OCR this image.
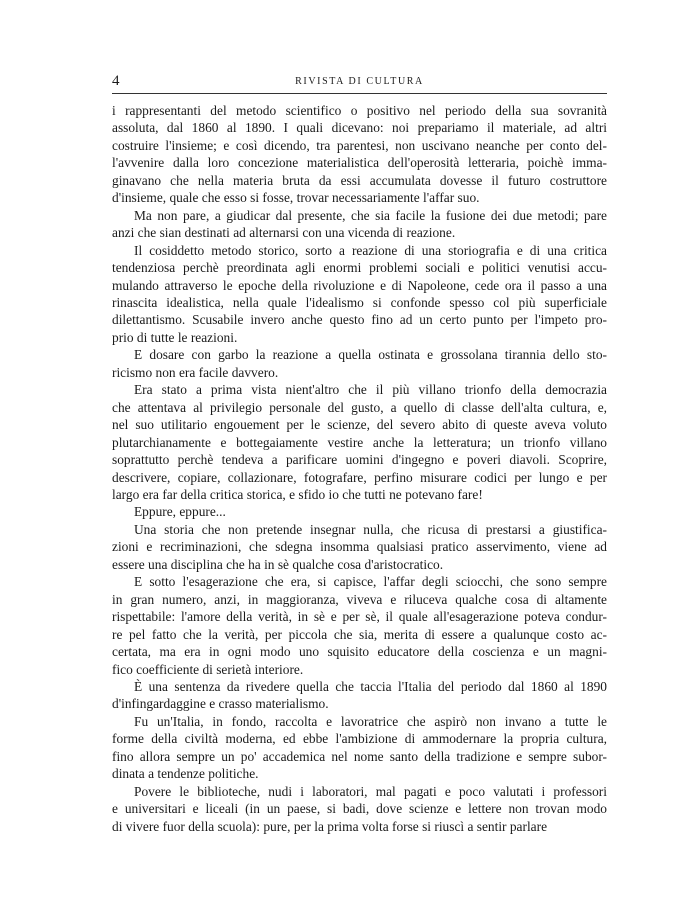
4	RIVISTA DI CULTURA
i rappresentanti del metodo scientifico o positivo nel periodo della sua sovranità
assoluta, dal 1860 al 1890. I quali dicevano: noi prepariamo il materiale, ad altri
costruire l'insieme; e così dicendo, tra parentesi, non uscivano neanche per conto del-
l'avvenire dalla loro concezione materialistica dell'operosità letteraria, poichè imma-
ginavano che nella materia bruta da essi accumulata dovesse il futuro costruttore
d'insieme, quale che esso si fosse, trovar necessariamente l'affar suo.
Ma non pare, a giudicar dal presente, che sia facile la fusione dei due metodi; pare
anzi che sian destinati ad alternarsi con una vicenda di reazione.
Il cosiddetto metodo storico, sorto a reazione di una storiografia e di una critica
tendenziosa perchè preordinata agli enormi problemi sociali e politici venutisi accu-
mulando attraverso le epoche della rivoluzione e di Napoleone, cede ora il passo a una
rinascita idealistica, nella quale l'idealismo si confonde spesso col più superficiale
dilettantismo. Scusabile invero anche questo fino ad un certo punto per l'impeto pro-
prio di tutte le reazioni.
E dosare con garbo la reazione a quella ostinata e grossolana tirannia dello sto-
ricismo non era facile davvero.
Era stato a prima vista nient'altro che il più villano trionfo della democrazia
che attentava al privilegio personale del gusto, a quello di classe dell'alta cultura, e,
nel suo utilitario engouement per le scienze, del severo abito di queste aveva voluto
plutarchianamente e bottegaiamente vestire anche la letteratura; un trionfo villano
soprattutto perchè tendeva a parificare uomini d'ingegno e poveri diavoli. Scoprire,
descrivere, copiare, collazionare, fotografare, perfino misurare codici per lungo e per
largo era far della critica storica, e sfido io che tutti ne potevano fare!
Eppure, eppure...
Una storia che non pretende insegnar nulla, che ricusa di prestarsi a giustifica-
zioni e recriminazioni, che sdegna insomma qualsiasi pratico asservimento, viene ad
essere una disciplina che ha in sè qualche cosa d'aristocratico.
E sotto l'esagerazione che era, si capisce, l'affar degli sciocchi, che sono sempre
in gran numero, anzi, in maggioranza, viveva e riluceva qualche cosa di altamente
rispettabile: l'amore della verità, in sè e per sè, il quale all'esagerazione poteva condur-
re pel fatto che la verità, per piccola che sia, merita di essere a qualunque costo ac-
certata, ma era in ogni modo uno squisito educatore della coscienza e un magni-
fico coefficiente di serietà interiore.
È una sentenza da rivedere quella che taccia l'Italia del periodo dal 1860 al 1890
d'infingardaggine e crasso materialismo.
Fu un'Italia, in fondo, raccolta e lavoratrice che aspirò non invano a tutte le
forme della civiltà moderna, ed ebbe l'ambizione di ammodernare la propria cultura,
fino allora sempre un po' accademica nel nome santo della tradizione e sempre subor-
dinata a tendenze politiche.
Povere le biblioteche, nudi i laboratori, mal pagati e poco valutati i professori
e universitari e liceali (in un paese, si badi, dove scienze e lettere non trovan modo
di vivere fuor della scuola): pure, per la prima volta forse si riuscì a sentir parlare
